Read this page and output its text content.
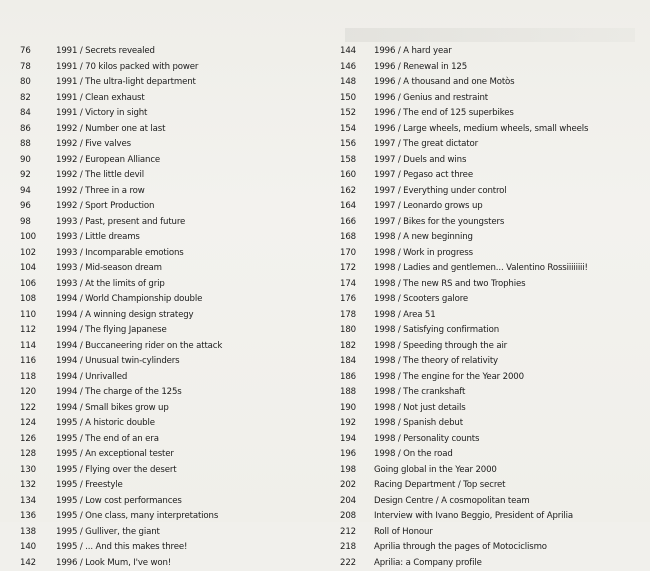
76	1991 / Secrets revealed
78	1991 / 70 kilos packed with power
80	1991 / The ultra-light department
82	1991 / Clean exhaust
84	1991 / Victory in sight
86	1992 / Number one at last
88	1992 / Five valves
90	1992 / European Alliance
92	1992 / The little devil
94	1992 / Three in a row
96	1992 / Sport Production
98	1993 / Past, present and future
100	1993 / Little dreams
102	1993 / Incomparable emotions
104	1993 / Mid-season dream
106	1993 / At the limits of grip
108	1994 / World Championship double
110	1994 / A winning design strategy
112	1994 / The flying Japanese
114	1994 / Buccaneering rider on the attack
116	1994 / Unusual twin-cylinders
118	1994 / Unrivalled
120	1994 / The charge of the 125s
122	1994 / Small bikes grow up
124	1995 / A historic double
126	1995 / The end of an era
128	1995 / An exceptional tester
130	1995 / Flying over the desert
132	1995 / Freestyle
134	1995 / Low cost performances
136	1995 / One class, many interpretations
138	1995 / Gulliver, the giant
140	1995 / ... And this makes three!
142	1996 / Look Mum, I've won!
144	1996 / A hard year
146	1996 / Renewal in 125
148	1996 / A thousand and one Motòs
150	1996 / Genius and restraint
152	1996 / The end of 125 superbikes
154	1996 / Large wheels, medium wheels, small wheels
156	1997 / The great dictator
158	1997 / Duels and wins
160	1997 / Pegaso act three
162	1997 / Everything under control
164	1997 / Leonardo grows up
166	1997 / Bikes for the youngsters
168	1998 / A new beginning
170	1998 / Work in progress
172	1998 / Ladies and gentlemen... Valentino Rossiiiiiiii!
174	1998 / The new RS and two Trophies
176	1998 / Scooters galore
178	1998 / Area 51
180	1998 / Satisfying confirmation
182	1998 / Speeding through the air
184	1998 / The theory of relativity
186	1998 / The engine for the Year 2000
188	1998 / The crankshaft
190	1998 / Not just details
192	1998 / Spanish debut
194	1998 / Personality counts
196	1998 / On the road
198	Going global in the Year 2000
202	Racing Department / Top secret
204	Design Centre / A cosmopolitan team
208	Interview with Ivano Beggio, President of Aprilia
212	Roll of Honour
218	Aprilia through the pages of Motociclismo
222	Aprilia: a Company profile
